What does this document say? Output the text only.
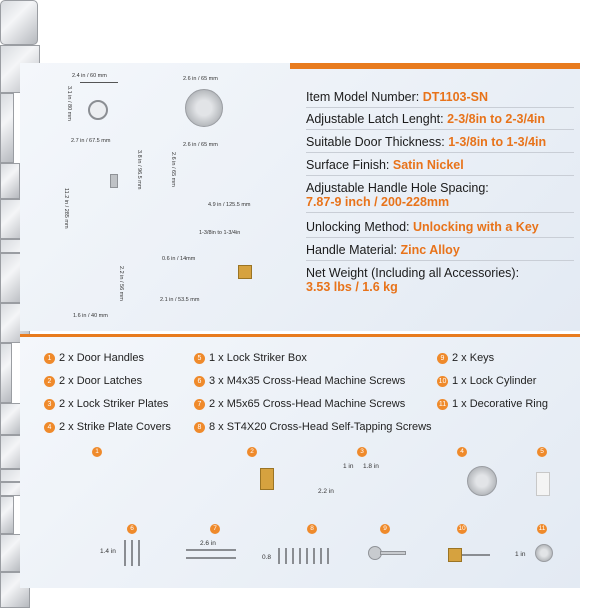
2.4 in / 60 mm
3.1 in / 80 mm
2.6 in / 65 mm
2.7 in / 67.5 mm
3.8 in / 96.5 mm
11.2 in / 285 mm
2.2 in / 56 mm
1.6 in / 40 mm
2.6 in / 65 mm
2.6 in / 65 mm
4.9 in / 125.5 mm
1-3/8in to 1-3/4in
0.6 in / 14mm
2.1 in / 53.5 mm
Item Model Number: DT1103-SN
Adjustable Latch Lenght: 2-3/8in to 2-3/4in
Suitable Door Thickness: 1-3/8in to 1-3/4in
Surface Finish: Satin Nickel
Adjustable Handle Hole Spacing:
7.87-9 inch / 200-228mm
Unlocking Method: Unlocking with a Key
Handle Material: Zinc Alloy
Net Weight (Including all Accessories):
3.53 lbs / 1.6 kg
1 2 x Door Handles
2 2 x Door Latches
3 2 x Lock Striker Plates
4 2 x Strike Plate Covers
5 1 x Lock Striker Box
6 3 x M4x35 Cross-Head Machine Screws
7 2 x M5x65 Cross-Head Machine Screws
8 8 x ST4X20 Cross-Head Self-Tapping Screws
9 2 x Keys
10 1 x Lock Cylinder
11 1 x Decorative Ring
1	2	3
1 in 1.8 in
2.2 in
4	5
6
1.4 in
7
2.6 in
8
0.8
9	10	11
1 in
